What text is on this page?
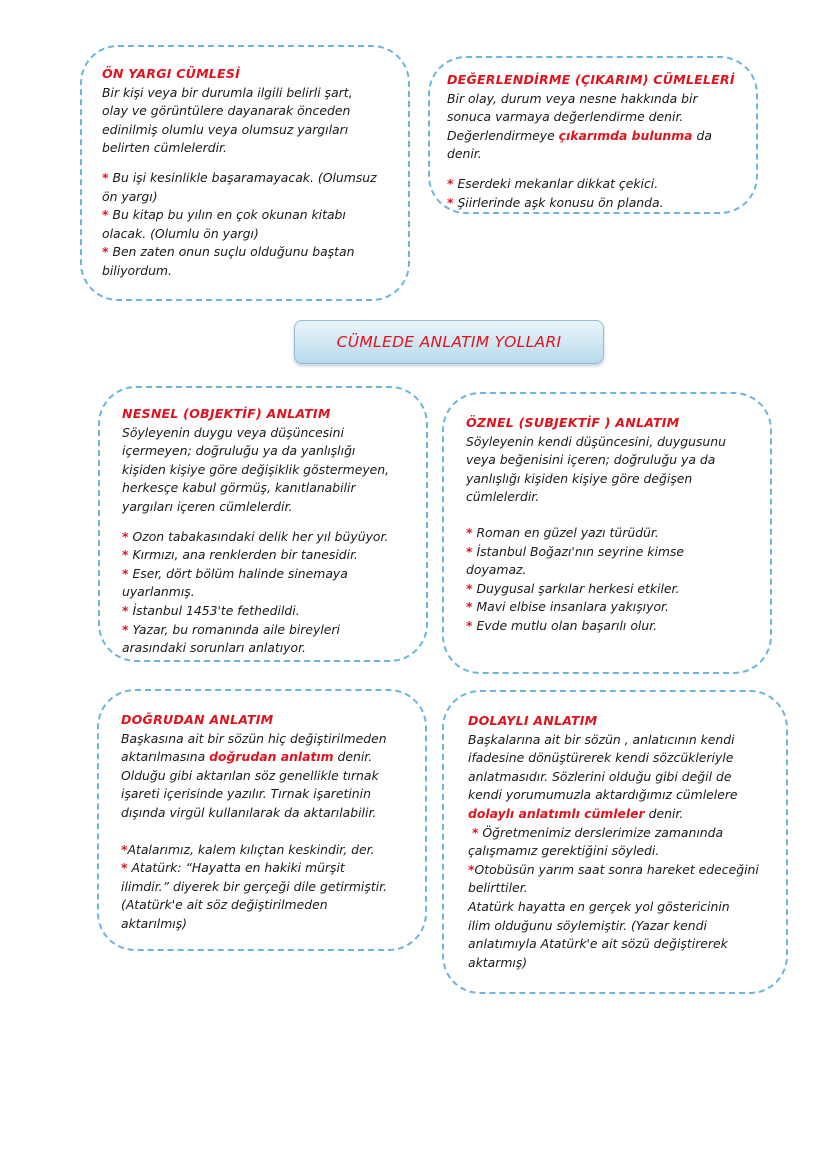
ÖN YARGI CÜMLESİ

Bir kişi veya bir durumla ilgili belirli şart,

olay ve görüntülere dayanarak önceden

edinilmiş olumlu veya olumsuz yargıları

belirten cümlelerdir.

* Bu işi kesinlikle başaramayacak. (Olumsuz

ön yargı)

* Bu kitap bu yılın en çok okunan kitabı

olacak. (Olumlu ön yargı)

* Ben zaten onun suçlu olduğunu baştan

biliyordum.

DEĞERLENDİRME (ÇIKARIM) CÜMLELERİ

Bir olay, durum veya nesne hakkında bir

sonuca varmaya değerlendirme denir.

Değerlendirmeye çıkarımda bulunma da denir.

* Eserdeki mekanlar dikkat çekici.

* Şiirlerinde aşk konusu ön planda.

CÜMLEDE ANLATIM YOLLARI
NESNEL (OBJEKTİF) ANLATIM

Söyleyenin duygu veya düşüncesini

içermeyen; doğruluğu ya da yanlışlığı

kişiden kişiye göre değişiklik göstermeyen,

herkesçe kabul görmüş, kanıtlanabilir

yargıları içeren cümlelerdir.

* Ozon tabakasındaki delik her yıl büyüyor.

* Kırmızı, ana renklerden bir tanesidir.

* Eser, dört bölüm halinde sinemaya

uyarlanmış.

* İstanbul 1453'te fethedildi.

* Yazar, bu romanında aile bireyleri

arasındaki sorunları anlatıyor.

ÖZNEL (SUBJEKTİF ) ANLATIM

Söyleyenin kendi düşüncesini, duygusunu

veya beğenisini içeren; doğruluğu ya da

yanlışlığı kişiden kişiye göre değişen

cümlelerdir.

* Roman en güzel yazı türüdür.

* İstanbul Boğazı'nın seyrine kimse

doyamaz.

* Duygusal şarkılar herkesi etkiler.

* Mavi elbise insanlara yakışıyor.

* Evde mutlu olan başarılı olur.

DOĞRUDAN ANLATIM

Başkasına ait bir sözün hiç değiştirilmeden

aktarılmasına doğrudan anlatım denir.

Olduğu gibi aktarılan söz genellikle tırnak

işareti içerisinde yazılır. Tırnak işaretinin

dışında virgül kullanılarak da aktarılabilir.

*Atalarımız, kalem kılıçtan keskindir, der.

* Atatürk: “Hayatta en hakiki mürşit

ilimdir.” diyerek bir gerçeği dile getirmiştir.

(Atatürk'e ait söz değiştirilmeden

aktarılmış)

DOLAYLI ANLATIM

Başkalarına ait bir sözün , anlatıcının kendi

ifadesine dönüştürerek kendi sözcükleriyle

anlatmasıdır. Sözlerini olduğu gibi değil de

kendi yorumumuzla aktardığımız cümlelere

dolaylı anlatımlı cümleler denir.

* Öğretmenimiz derslerimize zamanında

çalışmamız gerektiğini söyledi.

*Otobüsün yarım saat sonra hareket edeceğini

belirttiler.

Atatürk hayatta en gerçek yol göstericinin

ilim olduğunu söylemiştir. (Yazar kendi

anlatımıyla Atatürk'e ait sözü değiştirerek

aktarmış)
